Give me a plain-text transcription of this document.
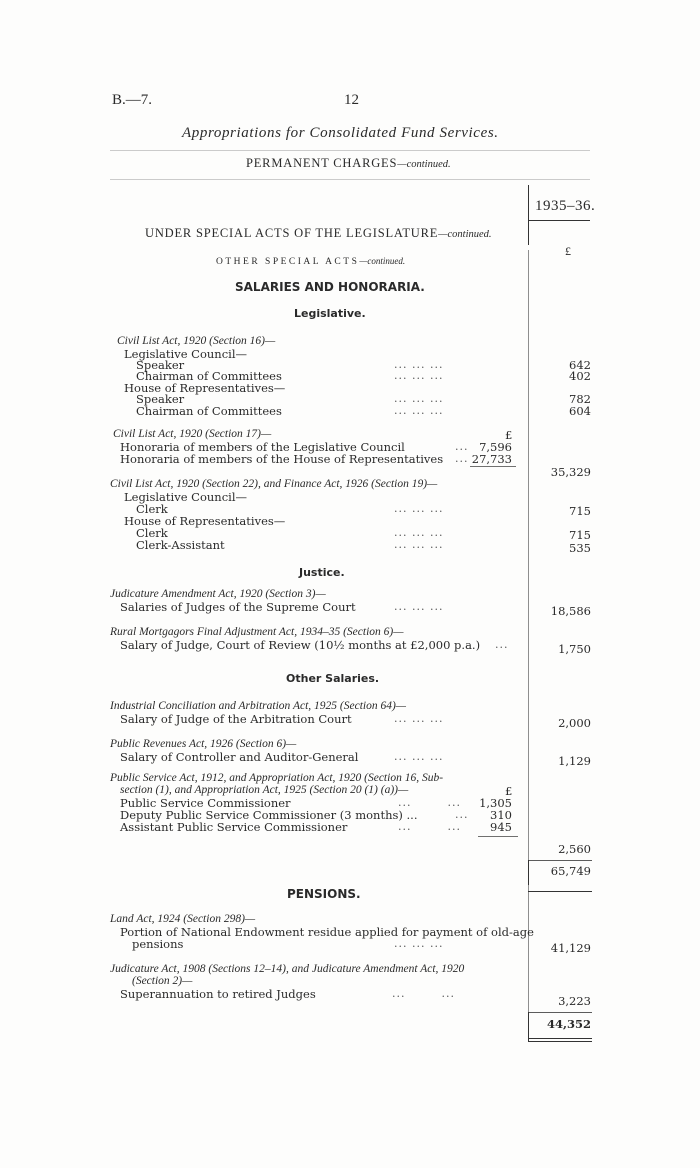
B.—7.	12
Appropriations for Consolidated Fund Services.
PERMANENT CHARGES—continued.
1935–36.
£
UNDER SPECIAL ACTS OF THE LEGISLATURE—continued.
OTHER SPECIAL ACTS—continued.
SALARIES AND HONORARIA.
Legislative.
Civil List Act, 1920 (Section 16)—
Legislative Council—
Speaker	... ... ...	642
Chairman of Committees	... ... ...	402
House of Representatives—
Speaker	... ... ...	782
Chairman of Committees	... ... ...	604
Civil List Act, 1920 (Section 17)—	£
Honoraria of members of the Legislative Council	... 7,596
Honoraria of members of the House of Representatives ... 27,733
35,329
Civil List Act, 1920 (Section 22), and Finance Act, 1926 (Section 19)—
Legislative Council—
Clerk	... ... ...	715
House of Representatives—
Clerk	... ... ...	715
Clerk-Assistant	... ... ...	535
Justice.
Judicature Amendment Act, 1920 (Section 3)—
Salaries of Judges of the Supreme Court	... ... ...	18,586
Rural Mortgagors Final Adjustment Act, 1934–35 (Section 6)—
Salary of Judge, Court of Review (10½ months at £2,000 p.a.) ...	1,750
Other Salaries.
Industrial Conciliation and Arbitration Act, 1925 (Section 64)—
Salary of Judge of the Arbitration Court	... ... ...	2,000
Public Revenues Act, 1926 (Section 6)—
Salary of Controller and Auditor-General	... ... ...	1,129
Public Service Act, 1912, and Appropriation Act, 1920 (Section 16, Sub-
section (1), and Appropriation Act, 1925 (Section 20 (1) (a))—	£
Public Service Commissioner	...        ... 1,305
Deputy Public Service Commissioner (3 months) ...	... 310
Assistant Public Service Commissioner	...        ...	945
2,560
65,749
PENSIONS.
Land Act, 1924 (Section 298)—
Portion of National Endowment residue applied for payment of old-age
pensions	... ... ...	41,129
Judicature Act, 1908 (Sections 12–14), and Judicature Amendment Act, 1920
(Section 2)—
Superannuation to retired Judges	...        ...
3,223
44,352
